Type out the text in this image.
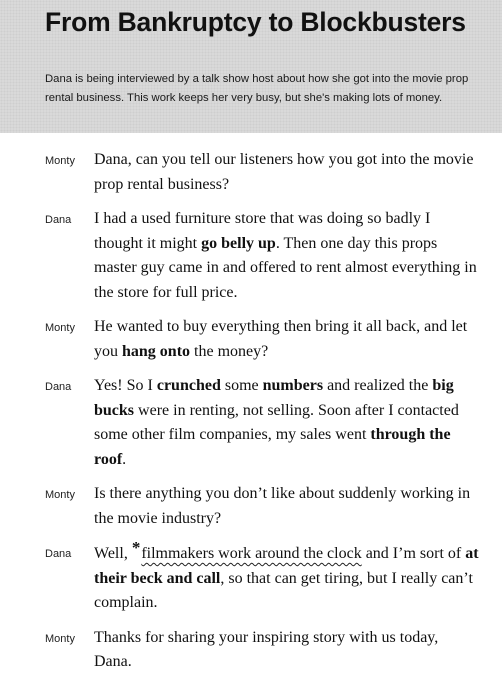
From Bankruptcy to Blockbusters

Dana is being interviewed by a talk show host about how she got into the movie prop rental business. This work keeps her very busy, but she's making lots of money.

Monty Dana, can you tell our listeners how you got into the movie prop rental business?
Dana I had a used furniture store that was doing so badly I thought it might go belly up. Then one day this props master guy came in and offered to rent almost everything in the store for full price.
Monty He wanted to buy everything then bring it all back, and let you hang onto the money?
Dana Yes! So I crunched some numbers and realized the big bucks were in renting, not selling. Soon after I contacted some other film companies, my sales went through the roof.
Monty Is there anything you don’t like about suddenly working in the movie industry?
Dana Well, *filmmakers work around the clock and I’m sort of at their beck and call, so that can get tiring, but I really can’t complain.
Monty Thanks for sharing your inspiring story with us today, Dana.
